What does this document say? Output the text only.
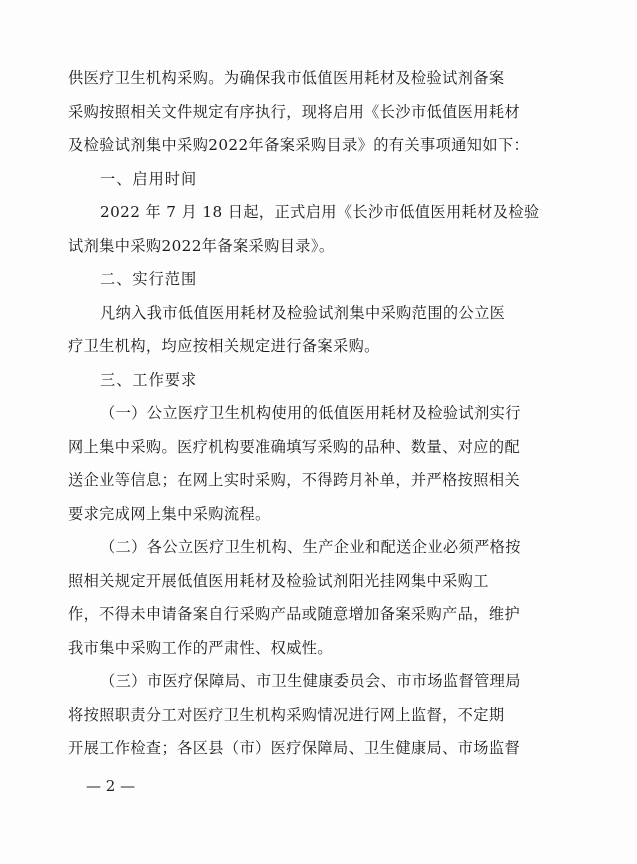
供医疗卫生机构采购。为确保我市低值医用耗材及检验试剂备案
采购按照相关文件规定有序执行，现将启用《长沙市低值医用耗材
及检验试剂集中采购2022年备案采购目录》的有关事项通知如下：
一、启用时间
2022 年 7 月 18 日起，正式启用《长沙市低值医用耗材及检验
试剂集中采购2022年备案采购目录》。
二、实行范围
凡纳入我市低值医用耗材及检验试剂集中采购范围的公立医
疗卫生机构，均应按相关规定进行备案采购。
三、工作要求
（一）公立医疗卫生机构使用的低值医用耗材及检验试剂实行
网上集中采购。医疗机构要准确填写采购的品种、数量、对应的配
送企业等信息；在网上实时采购，不得跨月补单，并严格按照相关
要求完成网上集中采购流程。
（二）各公立医疗卫生机构、生产企业和配送企业必须严格按
照相关规定开展低值医用耗材及检验试剂阳光挂网集中采购工
作，不得未申请备案自行采购产品或随意增加备案采购产品，维护
我市集中采购工作的严肃性、权威性。
（三）市医疗保障局、市卫生健康委员会、市市场监督管理局
将按照职责分工对医疗卫生机构采购情况进行网上监督，不定期
开展工作检查；各区县（市）医疗保障局、卫生健康局、市场监督
— 2 —
